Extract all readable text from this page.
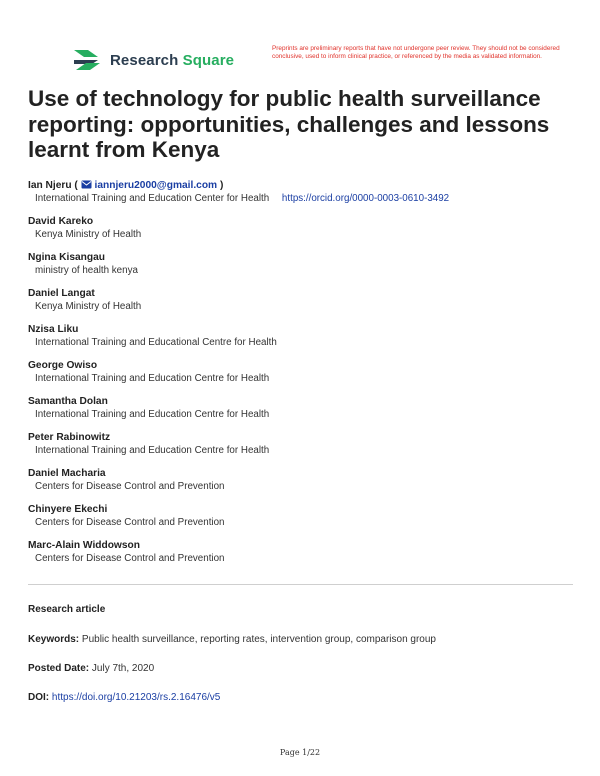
Research Square
Preprints are preliminary reports that have not undergone peer review. They should not be considered conclusive, used to inform clinical practice, or referenced by the media as validated information.
Use of technology for public health surveillance reporting: opportunities, challenges and lessons learnt from Kenya
Ian Njeru (  iannjeru2000@gmail.com )
International Training and Education Center for Health https://orcid.org/0000-0003-0610-3492
David Kareko
Kenya Ministry of Health
Ngina Kisangau
ministry of health kenya
Daniel Langat
Kenya Ministry of Health
Nzisa Liku
International Training and Educational Centre for Health
George Owiso
International Training and Education Centre for Health
Samantha Dolan
International Training and Education Centre for Health
Peter Rabinowitz
International Training and Education Centre for Health
Daniel Macharia
Centers for Disease Control and Prevention
Chinyere Ekechi
Centers for Disease Control and Prevention
Marc-Alain Widdowson
Centers for Disease Control and Prevention
Research article
Keywords: Public health surveillance, reporting rates, intervention group, comparison group
Posted Date: July 7th, 2020
DOI: https://doi.org/10.21203/rs.2.16476/v5
Page 1/22
